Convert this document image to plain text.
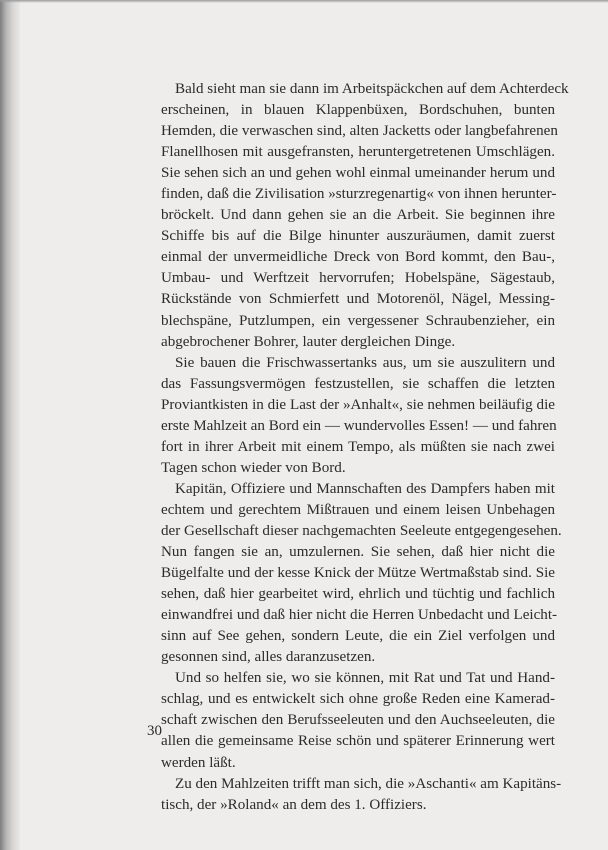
Bald sieht man sie dann im Arbeitspäckchen auf dem Achterdeck
erscheinen, in blauen Klappenbüxen, Bordschuhen, bunten
Hemden, die verwaschen sind, alten Jacketts oder langbefahrenen
Flanellhosen mit ausgefransten, heruntergetretenen Umschlägen.
Sie sehen sich an und gehen wohl einmal umeinander herum und
finden, daß die Zivilisation »sturzregenartig« von ihnen herunter-
bröckelt. Und dann gehen sie an die Arbeit. Sie beginnen ihre
Schiffe bis auf die Bilge hinunter auszuräumen, damit zuerst
einmal der unvermeidliche Dreck von Bord kommt, den Bau-,
Umbau- und Werftzeit hervorrufen; Hobelspäne, Sägestaub,
Rückstände von Schmierfett und Motorenöl, Nägel, Messing-
blechspäne, Putzlumpen, ein vergessener Schraubenzieher, ein
abgebrochener Bohrer, lauter dergleichen Dinge.
Sie bauen die Frischwassertanks aus, um sie auszulitern und
das Fassungsvermögen festzustellen, sie schaffen die letzten
Proviantkisten in die Last der »Anhalt«, sie nehmen beiläufig die
erste Mahlzeit an Bord ein — wundervolles Essen! — und fahren
fort in ihrer Arbeit mit einem Tempo, als müßten sie nach zwei
Tagen schon wieder von Bord.
Kapitän, Offiziere und Mannschaften des Dampfers haben mit
echtem und gerechtem Mißtrauen und einem leisen Unbehagen
der Gesellschaft dieser nachgemachten Seeleute entgegengesehen.
Nun fangen sie an, umzulernen. Sie sehen, daß hier nicht die
Bügelfalte und der kesse Knick der Mütze Wertmaßstab sind. Sie
sehen, daß hier gearbeitet wird, ehrlich und tüchtig und fachlich
einwandfrei und daß hier nicht die Herren Unbedacht und Leicht-
sinn auf See gehen, sondern Leute, die ein Ziel verfolgen und
gesonnen sind, alles daranzusetzen.
Und so helfen sie, wo sie können, mit Rat und Tat und Hand-
schlag, und es entwickelt sich ohne große Reden eine Kamerad-
schaft zwischen den Berufsseeleuten und den Auchseeleuten, die
allen die gemeinsame Reise schön und späterer Erinnerung wert
werden läßt.
Zu den Mahlzeiten trifft man sich, die »Aschanti« am Kapitäns-
tisch, der »Roland« an dem des 1. Offiziers.
30
